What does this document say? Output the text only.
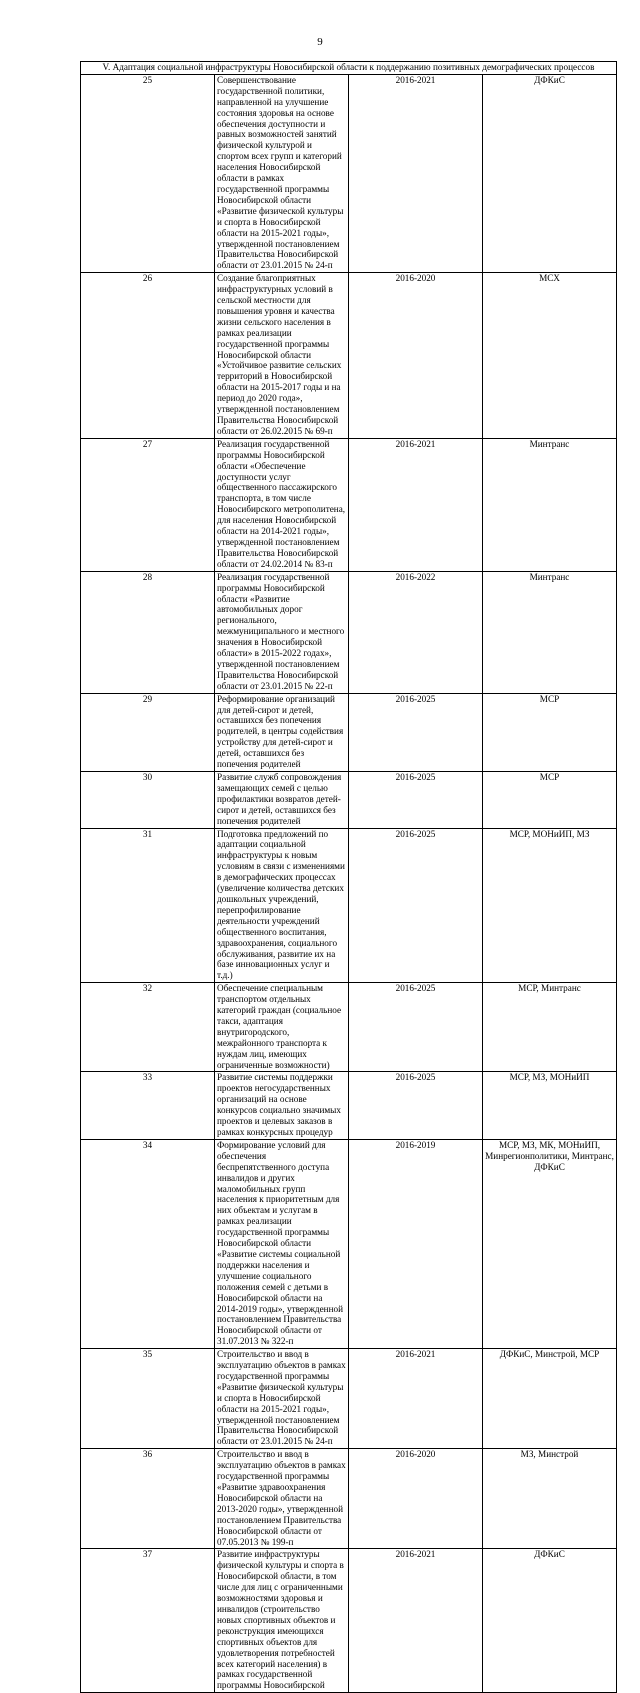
9
V. Адаптация социальной инфраструктуры Новосибирской области к поддержанию позитивных демографических процессов			
25	Совершенствование государственной политики, направленной на улучшение состояния здоровья на основе обеспечения доступности и равных возможностей занятий физической культурой и спортом всех групп и категорий населения Новосибирской области в рамках государственной программы Новосибирской области «Развитие физической культуры и спорта в Новосибирской области на 2015-2021 годы», утвержденной постановлением Правительства Новосибирской области от 23.01.2015 № 24-п	2016-2021	ДФКиС
26	Создание благоприятных инфраструктурных условий в сельской местности для повышения уровня и качества жизни сельского населения в рамках реализации государственной программы Новосибирской области «Устойчивое развитие сельских территорий в Новосибирской области на 2015-2017 годы и на период до 2020 года», утвержденной постановлением Правительства Новосибирской области от 26.02.2015 № 69-п	2016-2020	МСХ
27	Реализация государственной программы Новосибирской области «Обеспечение доступности услуг общественного пассажирского транспорта, в том числе Новосибирского метрополитена, для населения Новосибирской области на 2014-2021 годы», утвержденной постановлением Правительства Новосибирской области от 24.02.2014 № 83-п	2016-2021	Минтранс
28	Реализация государственной программы Новосибирской области «Развитие автомобильных дорог регионального, межмуниципального и местного значения в Новосибирской области» в 2015-2022 годах», утвержденной постановлением Правительства Новосибирской области от 23.01.2015 № 22-п	2016-2022	Минтранс
29	Реформирование организаций для детей-сирот и детей, оставшихся без попечения родителей, в центры содействия устройству для детей-сирот и детей, оставшихся без попечения родителей	2016-2025	МСР
30	Развитие служб сопровождения замещающих семей с целью профилактики возвратов детей-сирот и детей, оставшихся без попечения родителей	2016-2025	МСР
31	Подготовка предложений по адаптации социальной инфраструктуры к новым условиям в связи с изменениями в демографических процессах (увеличение количества детских дошкольных учреждений, перепрофилирование деятельности учреждений общественного воспитания, здравоохранения, социального обслуживания, развитие их на базе инновационных услуг и т.д.)	2016-2025	МСР, МОНиИП, МЗ
32	Обеспечение специальным транспортом отдельных категорий граждан (социальное такси, адаптация внутригородского, межрайонного транспорта к нуждам лиц, имеющих ограниченные возможности)	2016-2025	МСР, Минтранс
33	Развитие системы поддержки проектов негосударственных организаций на основе конкурсов социально значимых проектов и целевых заказов в рамках конкурсных процедур	2016-2025	МСР, МЗ, МОНиИП
34	Формирование условий для обеспечения беспрепятственного доступа инвалидов и других маломобильных групп населения к приоритетным для них объектам и услугам в рамках реализации государственной программы Новосибирской области «Развитие системы социальной поддержки населения и улучшение социального положения семей с детьми в Новосибирской области на 2014-2019 годы», утвержденной постановлением Правительства Новосибирской области от 31.07.2013 № 322-п	2016-2019	МСР, МЗ, МК, МОНиИП, Минрегионполитики, Минтранс, ДФКиС
35	Строительство и ввод в эксплуатацию объектов в рамках государственной программы «Развитие физической культуры и спорта в Новосибирской области на 2015-2021 годы», утвержденной постановлением Правительства Новосибирской области от 23.01.2015 № 24-п	2016-2021	ДФКиС, Минстрой, МСР
36	Строительство и ввод в эксплуатацию объектов в рамках государственной программы «Развитие здравоохранения Новосибирской области на 2013-2020 годы», утвержденной постановлением Правительства Новосибирской области от 07.05.2013 № 199-п	2016-2020	МЗ, Минстрой
37	Развитие инфраструктуры физической культуры и спорта в Новосибирской области, в том числе для лиц с ограниченными возможностями здоровья и инвалидов (строительство новых спортивных объектов и реконструкция имеющихся спортивных объектов для удовлетворения потребностей всех категорий населения) в рамках государственной программы Новосибирской	2016-2021	ДФКиС
